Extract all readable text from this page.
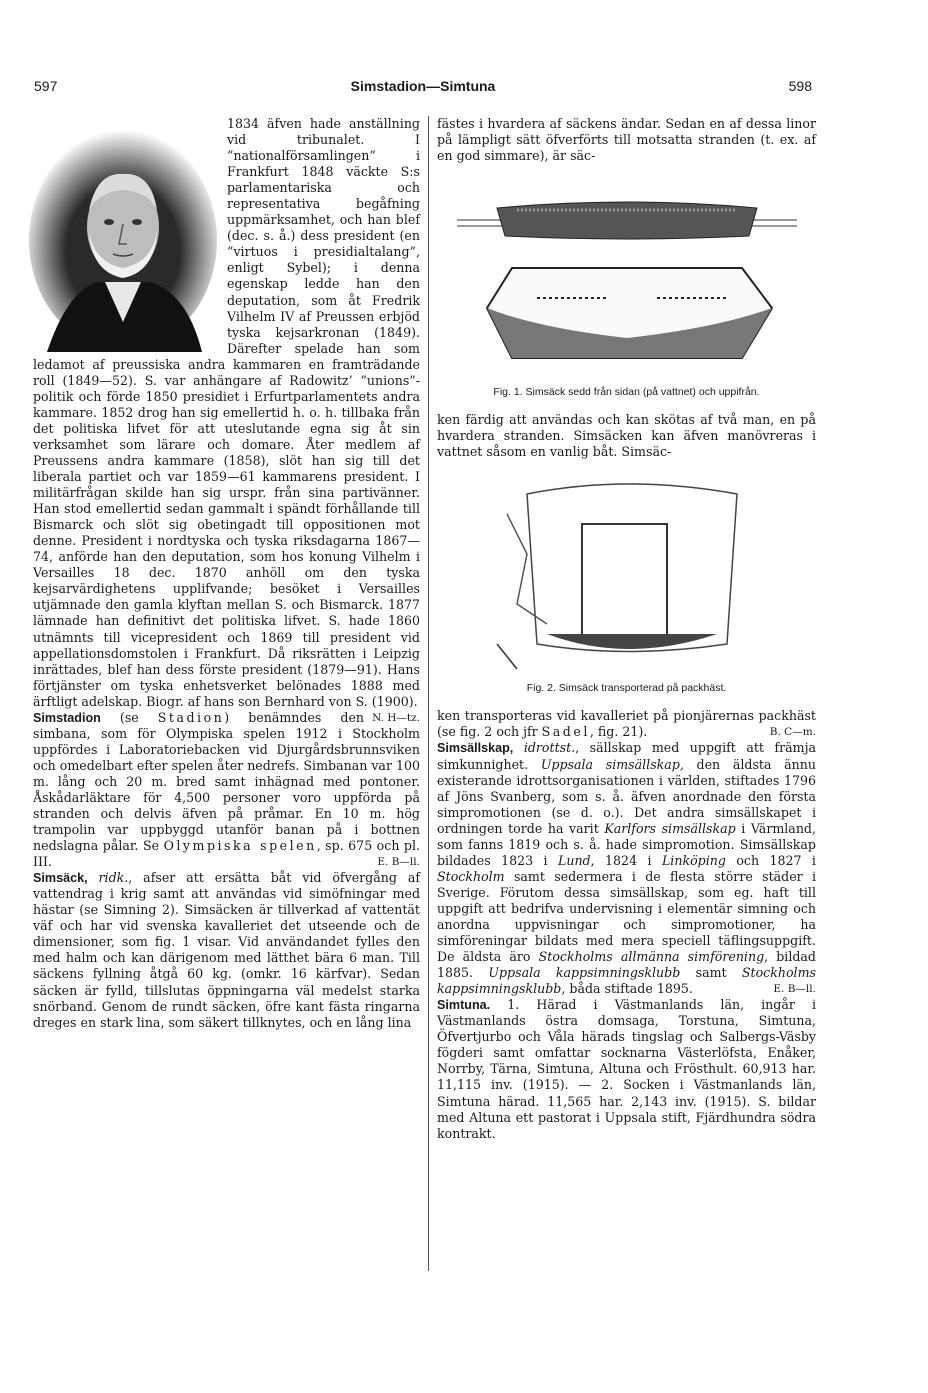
597	Simstadion—Simtuna	598

1834 äfven hade anställning vid tribunalet. I ”nationalförsamlingen” i Frankfurt 1848 väckte S:s parlamentariska och representativa begåfning uppmärksamhet, och han blef (dec. s. å.) dess president (en ”virtuos i presidialtalang”, enligt Sybel); i denna egenskap ledde han den deputation, som åt Fredrik Vilhelm IV af Preussen erbjöd tyska kejsarkronan (1849). Därefter spelade han som ledamot af preussiska andra kammaren en framträdande roll (1849—52). S. var anhängare af Radowitz’ ”unions”-politik och förde 1850 presidiet i Erfurtparlamentets andra kammare. 1852 drog han sig emellertid h. o. h. tillbaka från det politiska lifvet för att uteslutande egna sig åt sin verksamhet som lärare och domare. Åter medlem af Preussens andra kammare (1858), slöt han sig till det liberala partiet och var 1859—61 kammarens president. I militärfrågan skilde han sig urspr. från sina partivänner. Han stod emellertid sedan gammalt i spändt förhållande till Bismarck och slöt sig obetingadt till oppositionen mot denne. President i nordtyska och tyska riksdagarna 1867—74, anförde han den deputation, som hos konung Vilhelm i Versailles 18 dec. 1870 anhöll om den tyska kejsarvärdighetens upplifvande; besöket i Versailles utjämnade den gamla klyftan mellan S. och Bismarck. 1877 lämnade han definitivt det politiska lifvet. S. hade 1860 utnämnts till vicepresident och 1869 till president vid appellationsdomstolen i Frankfurt. Då riksrätten i Leipzig inrättades, blef han dess förste president (1879—91). Hans förtjänster om tyska enhetsverket belönades 1888 med ärftligt adelskap. Biogr. af hans son Bernhard von S. (1900).
N. H—tz.

Simstadion (se Stadion) benämndes den simbana, som för Olympiska spelen 1912 i Stockholm uppfördes i Laboratoriebacken vid Djurgårdsbrunnsviken och omedelbart efter spelen åter nedrefs. Simbanan var 100 m. lång och 20 m. bred samt inhägnad med pontoner. Åskådarläktare för 4,500 personer voro uppförda på stranden och delvis äfven på pråmar. En 10 m. hög trampolin var uppbyggd utanför banan på i bottnen nedslagna pålar. Se Olympiska spelen, sp. 675 och pl. III.	E. B—ll.

Simsäck, ridk., afser att ersätta båt vid öfvergång af vattendrag i krig samt att användas vid simöfningar med hästar (se Simning 2). Simsäcken är tillverkad af vattentät väf och har vid svenska kavalleriet det utseende och de dimensioner, som fig. 1 visar. Vid användandet fylles den med halm och kan därigenom med lätthet bära 6 man. Till säckens fyllning åtgå 60 kg. (omkr. 16 kärfvar). Sedan säcken är fylld, tillslutas öppningarna väl medelst starka snörband. Genom de rundt säcken, öfre kant fästa ringarna dreges en stark lina, som säkert tillknytes, och en lång lina

fästes i hvardera af säckens ändar. Sedan en af dessa linor på lämpligt sätt öfverförts till motsatta stranden (t. ex. af en god simmare), är säc-

Fig. 1. Simsäck sedd från sidan (på vattnet) och uppifrån.

ken färdig att användas och kan skötas af två man, en på hvardera stranden. Simsäcken kan äfven manövreras i vattnet såsom en vanlig båt. Simsäc-

Fig. 2. Simsäck transporterad på packhäst.

ken transporteras vid kavalleriet på pionjärernas packhäst (se fig. 2 och jfr Sadel, fig. 21).	B. C—m.

Simsällskap, idrottst., sällskap med uppgift att främja simkunnighet. Uppsala simsällskap, den äldsta ännu existerande idrottsorganisationen i världen, stiftades 1796 af Jöns Svanberg, som s. å. äfven anordnade den första simpromotionen (se d. o.). Det andra simsällskapet i ordningen torde ha varit Karlfors simsällskap i Värmland, som fanns 1819 och s. å. hade simpromotion. Simsällskap bildades 1823 i Lund, 1824 i Linköping och 1827 i Stockholm samt sedermera i de flesta större städer i Sverige. Förutom dessa simsällskap, som eg. haft till uppgift att bedrifva undervisning i elementär simning och anordna uppvisningar och simpromotioner, ha simföreningar bildats med mera speciell täflingsuppgift. De äldsta äro Stockholms allmänna simförening, bildad 1885. Uppsala kappsimningsklubb samt Stockholms kappsimningsklubb, båda stiftade 1895.	E. B—ll.

Simtuna. 1. Härad i Västmanlands län, ingår i Västmanlands östra domsaga, Torstuna, Simtuna, Öfvertjurbo och Våla härads tingslag och Salbergs-Väsby fögderi samt omfattar socknarna Västerlöfsta, Enåker, Norrby, Tärna, Simtuna, Altuna och Frösthult. 60,913 har. 11,115 inv. (1915). — 2. Socken i Västmanlands län, Simtuna härad. 11,565 har. 2,143 inv. (1915). S. bildar med Altuna ett pastorat i Uppsala stift, Fjärdhundra södra kontrakt.
